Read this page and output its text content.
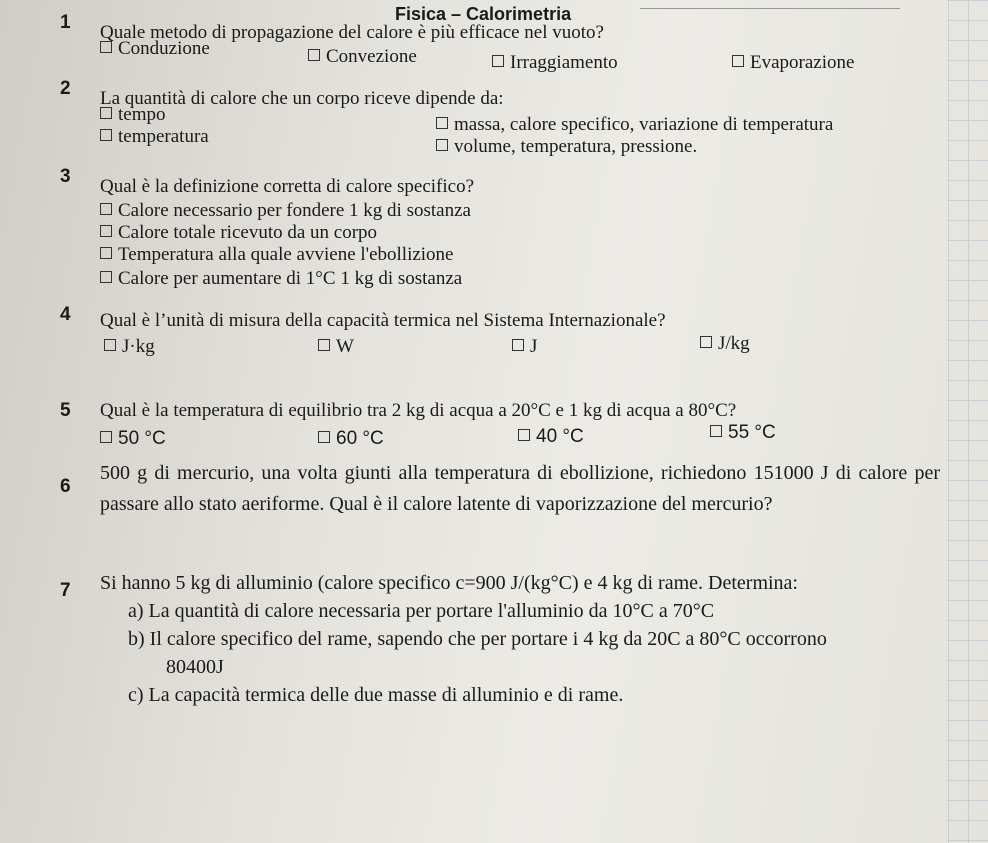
Fisica – Calorimetria
1 Quale metodo di propagazione del calore è più efficace nel vuoto?
Conduzione	Convezione	Irraggiamento	Evaporazione
2 La quantità di calore che un corpo riceve dipende da:
tempo	massa, calore specifico, variazione di temperatura
temperatura	volume, temperatura, pressione.
3 Qual è la definizione corretta di calore specifico?
Calore necessario per fondere 1 kg di sostanza
Calore totale ricevuto da un corpo
Temperatura alla quale avviene l'ebollizione
Calore per aumentare di 1°C 1 kg di sostanza
4 Qual è l’unità di misura della capacità termica nel Sistema Internazionale?
J·kg	W	J	J/kg
5 Qual è la temperatura di equilibrio tra 2 kg di acqua a 20°C e 1 kg di acqua a 80°C?
50 °C	60 °C	40 °C	55 °C
6
500 g di mercurio, una volta giunti alla temperatura di ebollizione, richiedono 151000 J di calore per passare allo stato aeriforme. Qual è il calore latente di vaporizzazione del mercurio?
7 Si hanno 5 kg di alluminio (calore specifico c=900 J/(kg°C) e 4 kg di rame. Determina:
a) La quantità di calore necessaria per portare l'alluminio da 10°C a 70°C
b) Il calore specifico del rame, sapendo che per portare i 4 kg da 20C a 80°C occorrono
80400J
c) La capacità termica delle due masse di alluminio e di rame.
